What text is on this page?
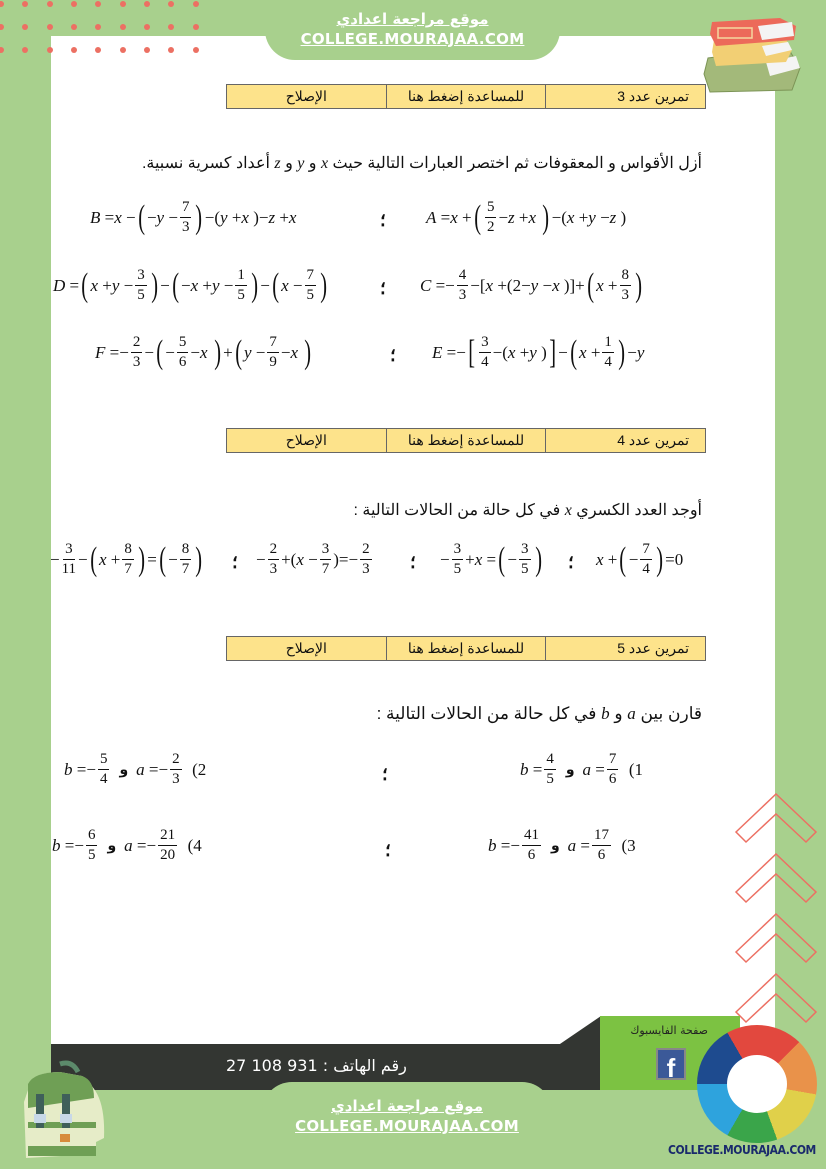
موقع مراجعة اعدادي
COLLEGE.MOURAJAA.COM
تمرين عدد 3
للمساعدة إضغط هنا
الإصلاح
أزل الأقواس و المعقوفات ثم اختصر العبارات التالية حيث x و y و z أعداد كسرية نسبية.
A = x + ( $\frac{5}{2} - z + x$
) −( x + y − z )
؛
B = x − ( − $y - \frac{7}{3}$ ) −( y + x )− z + x
$C =- \frac{4}{3}$ −[ x +(2− y − x )]+ ( $x + \frac{8}{3}$ )
؛
D = ( $x + y - \frac{3}{5}$ ) − ( − $x + y - \frac{1}{5}$ ) − ( $x - \frac{7}{5}$ )
E =− [ $\frac{3}{4}$ −( x + y ) ] − ( $x + \frac{1}{4}$ ) − y
؛
$F =- \frac{2}{3}$ − ( − $\frac{5}{6} - x$
) + ( $y - \frac{7}{9} - x$
)
تمرين عدد 4
للمساعدة إضغط هنا
الإصلاح
أوجد العدد الكسري x في كل حالة من الحالات التالية :
x + ( − $\frac{7}{4}$ ) =0
؛
− $\frac{3}{5} + x$ = ( − $\frac{3}{5}$ )
؛
− $\frac{2}{3}$ +( $x - \frac{3}{7}$ )=− $\frac{2}{3}$
؛
− $\frac{3}{11}$ − ( $x + \frac{8}{7}$ ) = ( − $\frac{8}{7}$ )
تمرين عدد 5
للمساعدة إضغط هنا
الإصلاح
قارن بين a و b في كل حالة من الحالات التالية :
$b = \frac{4}{5}$ و $a = \frac{7}{6}$
(1
؛
$b =- \frac{5}{4}$ و $a =- \frac{2}{3}$
(2
$b =- \frac{41}{6}$ و $a = \frac{17}{6}$
(3
؛
$b =- \frac{6}{5}$ و $a =- \frac{21}{20}$
(4
رقم الهاتف : 931 108 27
صفحة الفايسبوك
f
COLLEGE.MOURAJAA.COM
موقع مراجعة اعدادي
COLLEGE.MOURAJAA.COM
